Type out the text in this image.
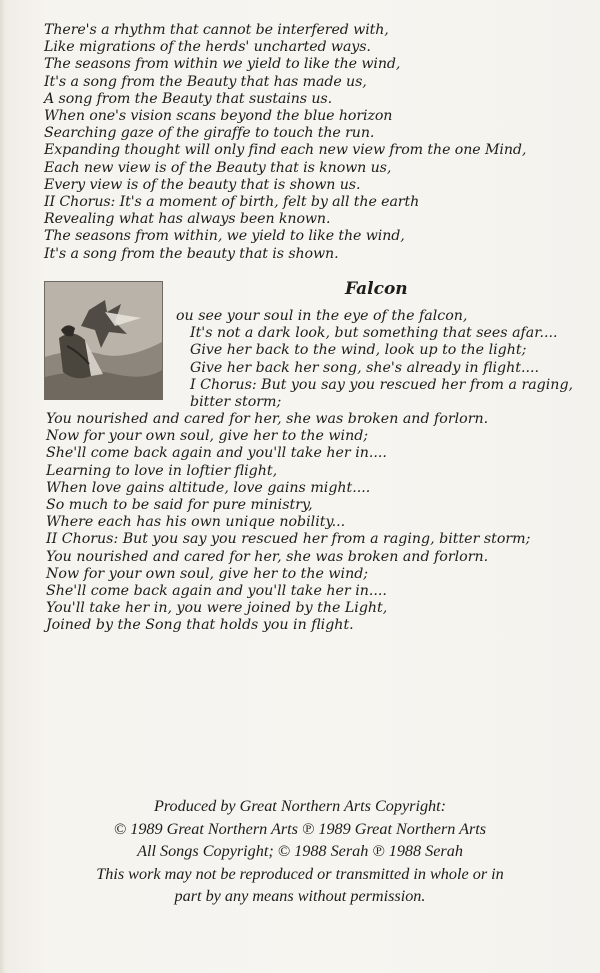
There's a rhythm that cannot be interfered with,
Like migrations of the herds' uncharted ways.
The seasons from within we yield to like the wind,
It's a song from the Beauty that has made us,
A song from the Beauty that sustains us.
When one's vision scans beyond the blue horizon
Searching gaze of the giraffe to touch the run.
Expanding thought will only find each new view from the one Mind,
Each new view is of the Beauty that is known us,
Every view is of the beauty that is shown us.
II Chorus: It's a moment of birth, felt by all the earth
Revealing what has always been known.
The seasons from within, we yield to like the wind,
It's a song from the beauty that is shown.
Falcon
ou see your soul in the eye of the falcon,
It's not a dark look, but something that sees afar....
Give her back to the wind, look up to the light;
Give her back her song, she's already in flight....
I Chorus: But you say you rescued her from a raging,
bitter storm;
You nourished and cared for her, she was broken and forlorn.
Now for your own soul, give her to the wind;
She'll come back again and you'll take her in....
Learning to love in loftier flight,
When love gains altitude, love gains might....
So much to be said for pure ministry,
Where each has his own unique nobility...
II Chorus: But you say you rescued her from a raging, bitter storm;
You nourished and cared for her, she was broken and forlorn.
Now for your own soul, give her to the wind;
She'll come back again and you'll take her in....
You'll take her in, you were joined by the Light,
Joined by the Song that holds you in flight.
Produced by Great Northern Arts Copyright:
© 1989 Great Northern Arts ℗ 1989 Great Northern Arts
All Songs Copyright; © 1988 Serah ℗ 1988 Serah
This work may not be reproduced or transmitted in whole or in
part by any means without permission.
